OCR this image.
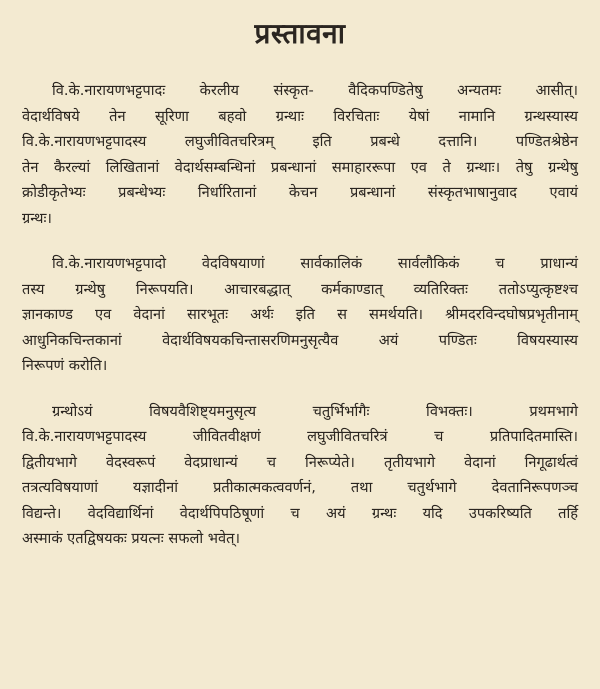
प्रस्तावना
वि.के.नारायणभट्टपादः केरलीय संस्कृत- वैदिकपण्डितेषु अन्यतमः आसीत्।
वेदार्थविषये तेन सूरिणा बहवो ग्रन्थाः विरचिताः येषां नामानि ग्रन्थस्यास्य
वि.के.नारायणभट्टपादस्य लघुजीवितचरित्रम् इति प्रबन्धे दत्तानि। पण्डितश्रेष्ठेन
तेन कैरल्यां लिखितानां वेदार्थसम्बन्धिनां प्रबन्धानां समाहाररूपा एव ते ग्रन्थाः। तेषु ग्रन्थेषु
क्रोडीकृतेभ्यः प्रबन्धेभ्यः निर्धारितानां केचन प्रबन्धानां संस्कृतभाषानुवाद एवायं
ग्रन्थः।
वि.के.नारायणभट्टपादो वेदविषयाणां सार्वकालिकं सार्वलौकिकं च प्राधान्यं
तस्य ग्रन्थेषु निरूपयति। आचारबद्धात् कर्मकाण्डात् व्यतिरिक्तः ततोऽप्युत्कृष्टश्च
ज्ञानकाण्ड एव वेदानां सारभूतः अर्थः इति स समर्थयति। श्रीमदरविन्दघोषप्रभृतीनाम्
आधुनिकचिन्तकानां वेदार्थविषयकचिन्तासरणिमनुसृत्यैव अयं पण्डितः विषयस्यास्य
निरूपणं करोति।
ग्रन्थोऽयं विषयवैशिष्ट्यमनुसृत्य चतुर्भिर्भागैः विभक्तः। प्रथमभागे
वि.के.नारायणभट्टपादस्य जीवितवीक्षणं लघुजीवितचरित्रं च प्रतिपादितमास्ति।
द्वितीयभागे वेदस्वरूपं वेदप्राधान्यं च निरूप्येते। तृतीयभागे वेदानां निगूढार्थत्वं
तत्रत्यविषयाणां यज्ञादीनां प्रतीकात्मकत्ववर्णनं, तथा चतुर्थभागे देवतानिरूपणञ्च
विद्यन्ते। वेदविद्यार्थिनां वेदार्थपिपठिषूणां च अयं ग्रन्थः यदि उपकरिष्यति तर्हि
अस्माकं एतद्विषयकः प्रयत्नः सफलो भवेत्।
